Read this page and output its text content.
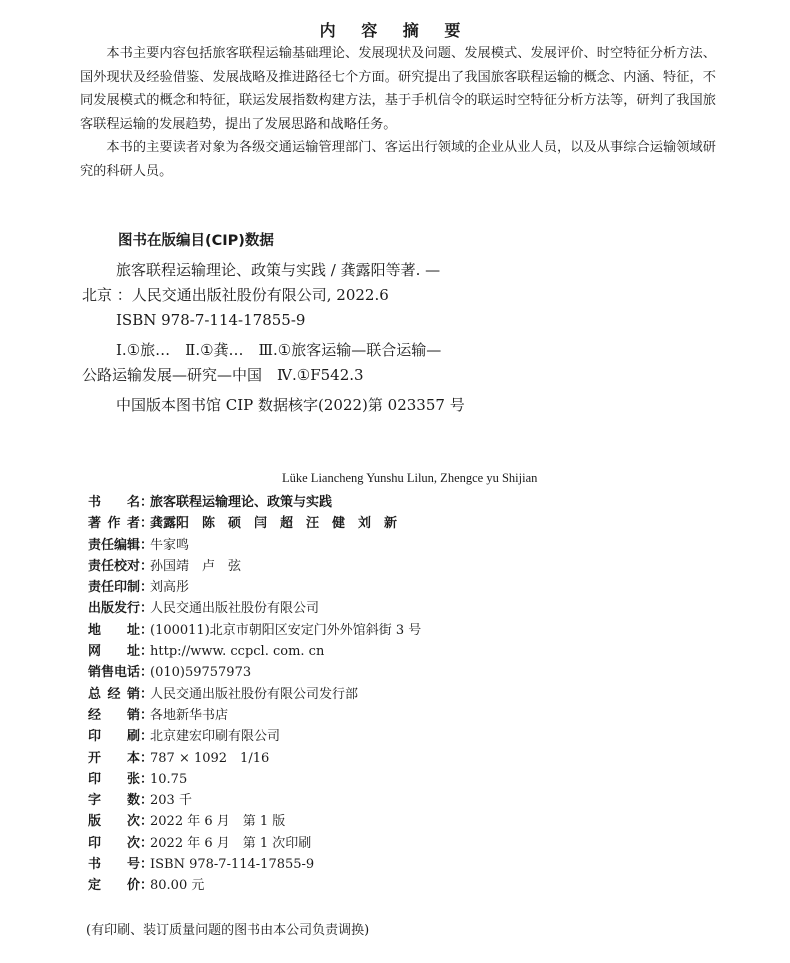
内 容 摘 要

本书主要内容包括旅客联程运输基础理论、发展现状及问题、发展模式、发展评价、时空特征分析方法、国外现状及经验借鉴、发展战略及推进路径七个方面。研究提出了我国旅客联程运输的概念、内涵、特征，不同发展模式的概念和特征，联运发展指数构建方法，基于手机信令的联运时空特征分析方法等，研判了我国旅客联程运输的发展趋势，提出了发展思路和战略任务。

本书的主要读者对象为各级交通运输管理部门、客运出行领域的企业从业人员，以及从事综合运输领域研究的科研人员。

图书在版编目(CIP)数据
旅客联程运输理论、政策与实践 / 龚露阳等著. —
北京 ：人民交通出版社股份有限公司, 2022.6
ISBN 978-7-114-17855-9
Ⅰ.①旅…　Ⅱ.①龚…　Ⅲ.①旅客运输—联合运输—
公路运输发展—研究—中国　Ⅳ.①F542.3
中国版本图书馆 CIP 数据核字(2022)第 023357 号
Lüke Liancheng Yunshu Lilun, Zhengce yu Shijian
书名 ：
旅客联程运输理论、政策与实践
著作者 ：
龚露阳　陈　硕　闫　超　汪　健　刘　新
责任编辑 ：
牛家鸣
责任校对 ：
孙国靖　卢　弦
责任印制 ：
刘高彤
出版发行 ：
人民交通出版社股份有限公司
地址 ：
(100011)北京市朝阳区安定门外外馆斜街 3 号
网址 ：
http://www. ccpcl. com. cn
销售电话 ：
(010)59757973
总经销 ：
人民交通出版社股份有限公司发行部
经销 ：
各地新华书店
印刷 ：
北京建宏印刷有限公司
开本 ：
787 × 1092　1/16
印张 ：
10.75
字数 ：
203 千
版次 ：
2022 年 6 月　第 1 版
印次 ：
2022 年 6 月　第 1 次印刷
书号 ：
ISBN 978-7-114-17855-9
定价 ：
80.00 元
(有印刷、装订质量问题的图书由本公司负责调换)
